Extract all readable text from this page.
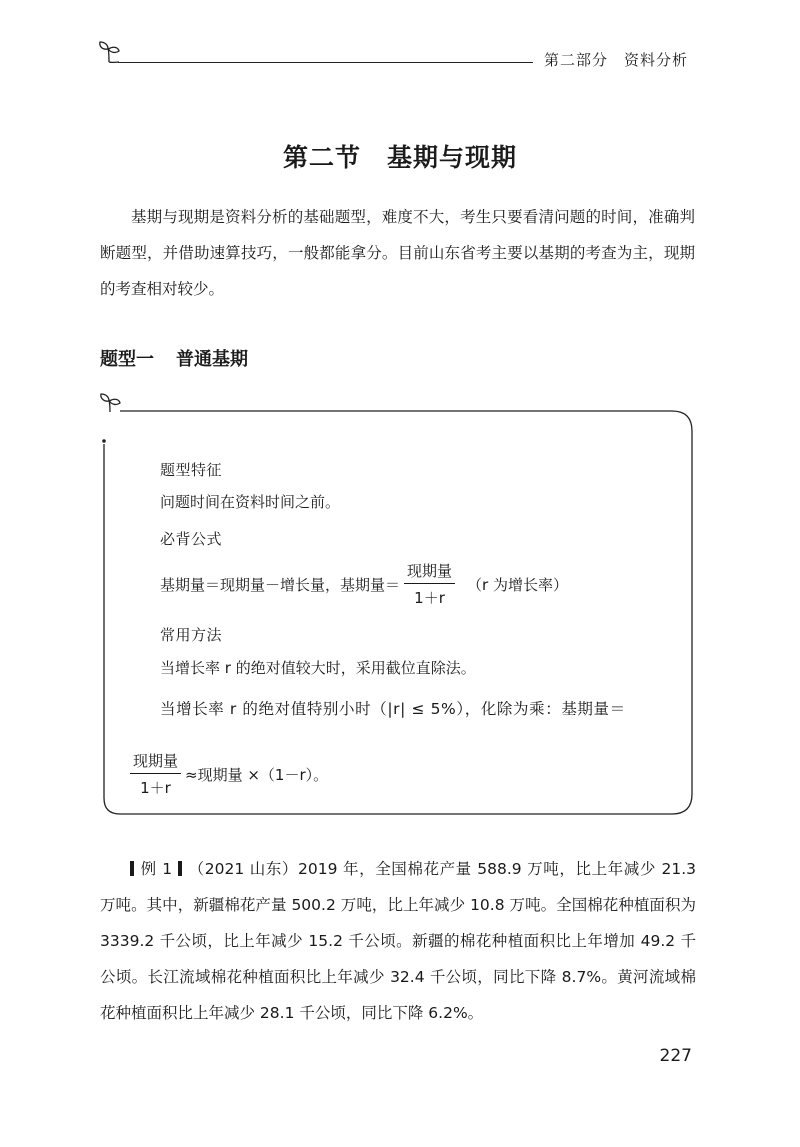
第二部分　资料分析
第二节 基期与现期
基期与现期是资料分析的基础题型，难度不大，考生只要看清问题的时间，准确判断题型，并借助速算技巧，一般都能拿分。目前山东省考主要以基期的考查为主，现期的考查相对较少。
题型一 普通基期
题型特征
问题时间在资料时间之前。
必背公式
基期量＝现期量－增长量，基期量＝ $\frac{\text{现期量}}{1+r} (r$ 为增长率）
常用方法
当增长率 r 的绝对值较大时，采用截位直除法。
当增长率 r 的绝对值特别小时（|r| ≤ 5%），化除为乘：基期量＝
$\frac{\text{现期量}}{1+r}$ ≈现期量 ×（1－r）。
例 1 （2021 山东）2019 年，全国棉花产量 588.9 万吨，比上年减少 21.3 万吨。其中，新疆棉花产量 500.2 万吨，比上年减少 10.8 万吨。全国棉花种植面积为 3339.2 千公顷，比上年减少 15.2 千公顷。新疆的棉花种植面积比上年增加 49.2 千公顷。长江流域棉花种植面积比上年减少 32.4 千公顷，同比下降 8.7%。黄河流域棉花种植面积比上年减少 28.1 千公顷，同比下降 6.2%。
227
